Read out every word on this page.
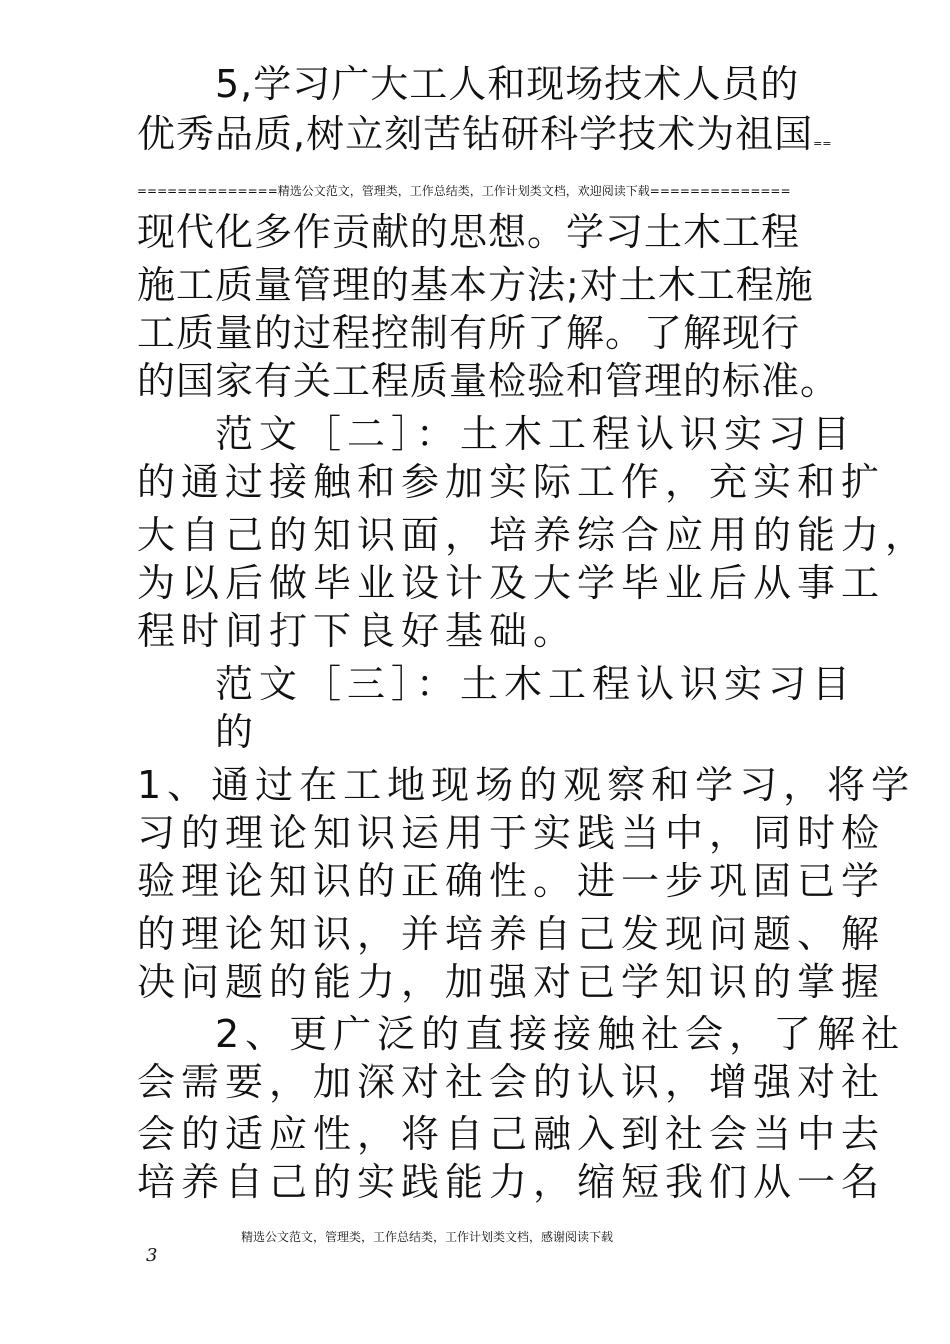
5,学习广大工人和现场技术人员的
优秀品质,树立刻苦钻研科学技术为祖国==
==============精选公文范文，管理类，工作总结类，工作计划类文档，欢迎阅读下载==============
现代化多作贡献的思想。学习土木工程
施工质量管理的基本方法;对土木工程施
工质量的过程控制有所了解。了解现行
的国家有关工程质量检验和管理的标准。
范文［二］：土木工程认识实习目
的通过接触和参加实际工作，充实和扩
大自己的知识面，培养综合应用的能力，
为以后做毕业设计及大学毕业后从事工
程时间打下良好基础。
范文［三］：土木工程认识实习目
的
1、通过在工地现场的观察和学习，将学
习的理论知识运用于实践当中，同时检
验理论知识的正确性。进一步巩固已学
的理论知识，并培养自己发现问题、解
决问题的能力，加强对已学知识的掌握
2、更广泛的直接接触社会，了解社
会需要，加深对社会的认识，增强对社
会的适应性，将自己融入到社会当中去
培养自己的实践能力，缩短我们从一名
精选公文范文，管理类，工作总结类，工作计划类文档，感谢阅读下载
3
